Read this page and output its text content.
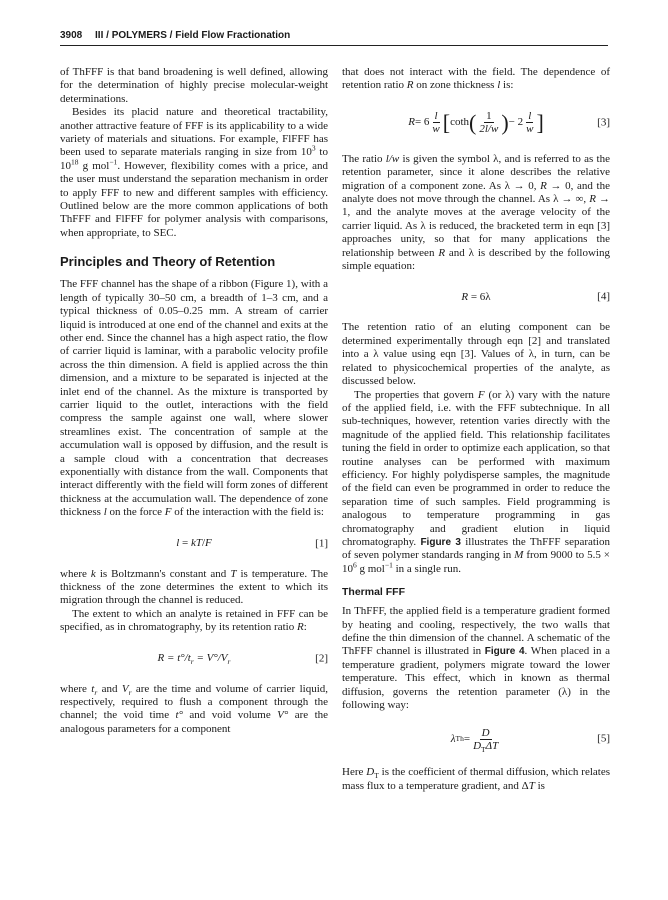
3908 III / POLYMERS / Field Flow Fractionation

of ThFFF is that band broadening is well defined, allowing for the determination of highly precise molecular-weight determinations.

Besides its placid nature and theoretical tractability, another attractive feature of FFF is its applicability to a wide variety of materials and situations. For example, FlFFF has been used to separate materials ranging in size from $10^3$ to $10^{18}$ g mol$^{-1}$. However, flexibility comes with a price, and the user must understand the separation mechanism in order to apply FFF to new and different samples with efficiency. Outlined below are the more common applications of both ThFFF and FlFFF for polymer analysis with comparisons, when appropriate, to SEC.

Principles and Theory of Retention

The FFF channel has the shape of a ribbon (Figure 1), with a length of typically 30–50 cm, a breadth of 1–3 cm, and a typical thickness of 0.05–0.25 mm. A stream of carrier liquid is introduced at one end of the channel and exits at the other end. Since the channel has a high aspect ratio, the flow of carrier liquid is laminar, with a parabolic velocity profile across the thin dimension. A field is applied across the thin dimension, and a mixture to be separated is injected at the inlet end of the channel. As the mixture is transported by carrier liquid to the outlet, interactions with the field compress the sample against one wall, where slower streamlines exist. The concentration of sample at the accumulation wall is opposed by diffusion, and the result is a sample cloud with a concentration that decreases exponentially with distance from the wall. Components that interact differently with the field will form zones of different thickness at the accumulation wall. The dependence of zone thickness l on the force F of the interaction with the field is:

l = kT/F	[1]

where k is Boltzmann's constant and T is temperature. The thickness of the zone determines the extent to which its migration through the channel is reduced.

The extent to which an analyte is retained in FFF can be specified, as in chromatography, by its retention ratio R:

$R = t^\circ/t_r = V^\circ/V_r$	[2]

where $t_r$ and $V_r$ are the time and volume of carrier liquid, respectively, required to flush a component through the channel; the void time t° and void volume V° are the analogous parameters for a component

that does not interact with the field. The dependence of retention ratio R on zone thickness l is:

$R = 6 \frac{l}{w}$ [ coth ( $\frac{1}{2l/w}$ ) − $2 \frac{l}{w}$ ]	[3]

The ratio l/w is given the symbol λ, and is referred to as the retention parameter, since it alone describes the relative migration of a component zone. As λ → 0, R → 0, and the analyte does not move through the channel. As λ → ∞, R → 1, and the analyte moves at the average velocity of the carrier liquid. As λ is reduced, the bracketed term in eqn [3] approaches unity, so that for many applications the relationship between R and λ is described by the following simple equation:

R = 6λ	[4]

The retention ratio of an eluting component can be determined experimentally through eqn [2] and translated into a λ value using eqn [3]. Values of λ, in turn, can be related to physicochemical properties of the analyte, as discussed below.

The properties that govern F (or λ) vary with the nature of the applied field, i.e. with the FFF subtechnique. In all sub-techniques, however, retention varies directly with the magnitude of the applied field. This relationship facilitates tuning the field in order to optimize each application, so that routine analyses can be performed with maximum efficiency. For highly polydisperse samples, the magnitude of the field can even be programmed in order to reduce the separation time of such samples. Field programming is analogous to temperature programming in gas chromatography and gradient elution in liquid chromatography. Figure 3 illustrates the ThFFF separation of seven polymer standards ranging in M from 9000 to $5.5 \times 10^6$ g mol$^{-1}$ in a single run.

Thermal FFF

In ThFFF, the applied field is a temperature gradient formed by heating and cooling, respectively, the two walls that define the thin dimension of the channel. A schematic of the ThFFF channel is illustrated in Figure 4. When placed in a temperature gradient, polymers migrate toward the lower temperature. This effect, which in known as thermal diffusion, governs the retention parameter (λ) in the following way:

λ $Th = \frac{D}{D_T\Delta T}$	[5]

Here $D_T$ is the coefficient of thermal diffusion, which relates mass flux to a temperature gradient, and ΔT is
